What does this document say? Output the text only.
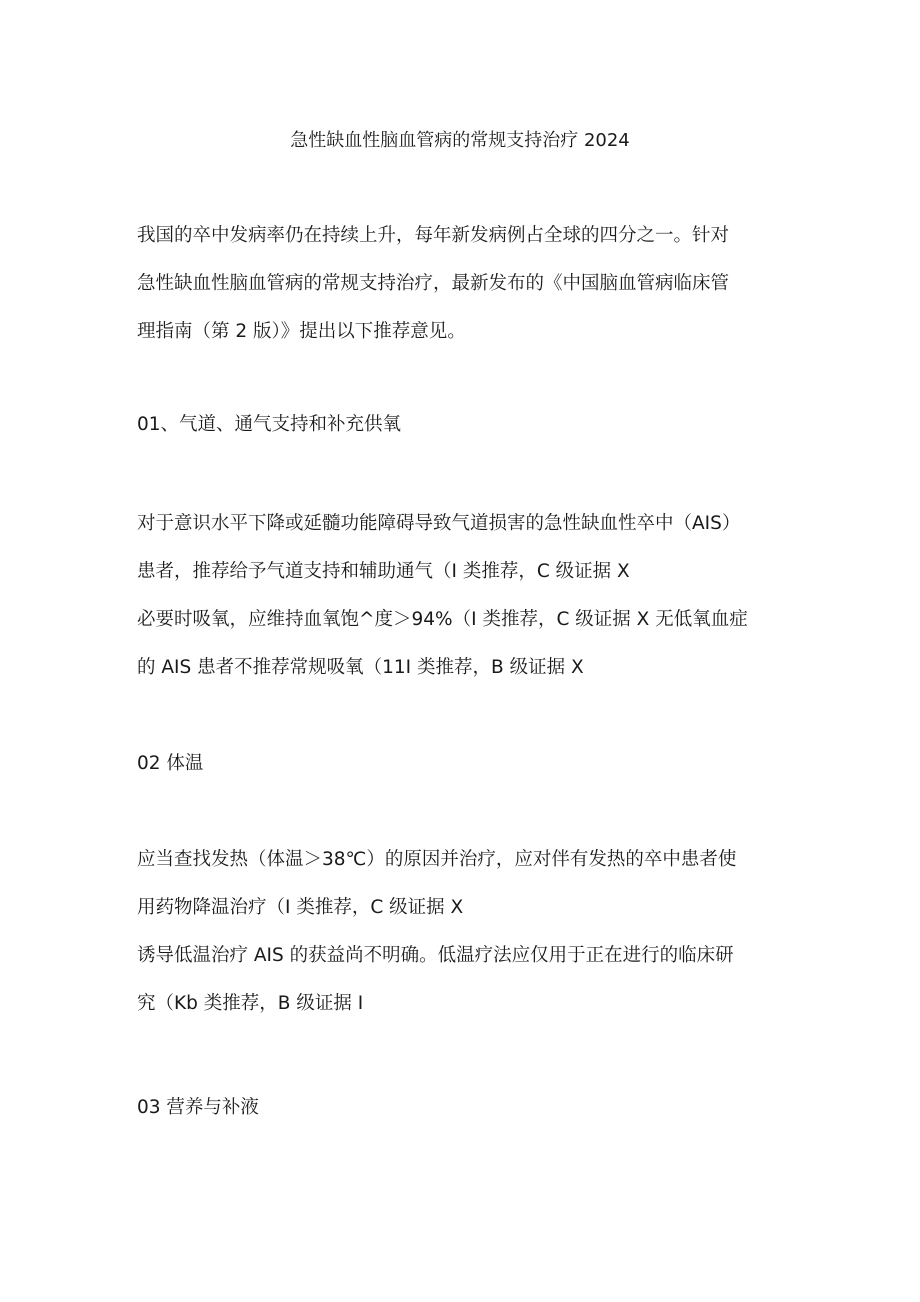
急性缺血性脑血管病的常规支持治疗 2024
我国的卒中发病率仍在持续上升，每年新发病例占全球的四分之一。针对
急性缺血性脑血管病的常规支持治疗，最新发布的《中国脑血管病临床管
理指南（第 2 版）》提出以下推荐意见。
01、气道、通气支持和补充供氧
对于意识水平下降或延髓功能障碍导致气道损害的急性缺血性卒中（AIS）
患者，推荐给予气道支持和辅助通气（I 类推荐，C 级证据 X
必要时吸氧，应维持血氧饱^度＞94%（I 类推荐，C 级证据 X 无低氧血症
的 AIS 患者不推荐常规吸氧（11I 类推荐，B 级证据 X
02 体温
应当查找发热（体温＞38℃）的原因并治疗，应对伴有发热的卒中患者使
用药物降温治疗（I 类推荐，C 级证据 X
诱导低温治疗 AIS 的获益尚不明确。低温疗法应仅用于正在进行的临床研
究（Kb 类推荐，B 级证据 I
03 营养与补液
